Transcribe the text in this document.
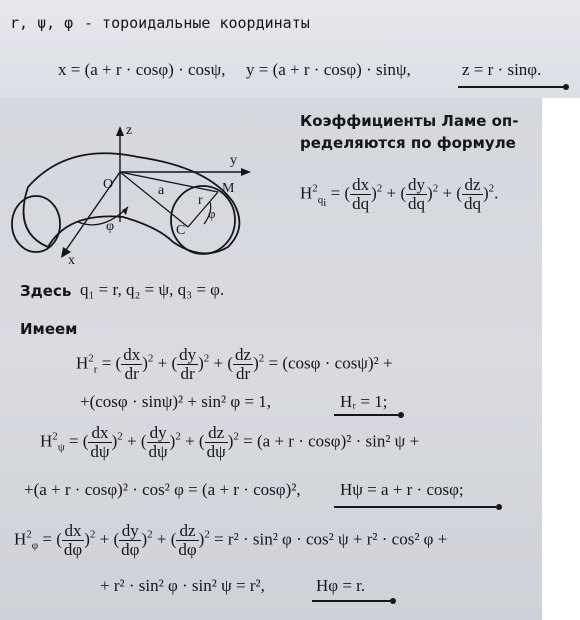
r, ψ, φ - тороидальные координаты
x = (a + r · cosφ) · cosψ, y = (a + r · cosφ) · sinψ,	z = r · sinφ.
z
y
O	a	M
r
φ
φ
C
x
Коэффициенты Ламе оп-
ределяются по формуле
$H^2_{q_i}$ = ( $\frac{dx}{dq} )^2$ + ( $\frac{dy}{dq} )^2$ + ( $\frac{dz}{dq} )^2$.
Здесь q₁ = r, q₂ = ψ, q₃ = φ.
Имеем
$H^2_r$ = ( $\frac{dx}{dr} )^2$ + ( $\frac{dy}{dr} )^2$ + ( $\frac{dz}{dr} )^2 = (\cos\varphi \cdot \cos\psi)^2$ +
+(cosφ · sinψ)² + sin² φ = 1,	Hᵣ = 1;
$H^2_\psi$ = ( $\frac{dx}{d\psi} )^2$ + ( $\frac{dy}{d\psi} )^2$ + ( $\frac{dz}{d\psi} )^2 = (a + r \cdot \cos\varphi)^2 \cdot \sin^2$ ψ +
+(a + r · cosφ)² · cos² φ = (a + r · cosφ)², Hψ = a + r · cosφ;
$H^2_\varphi$ = ( $\frac{dx}{d\varphi} )^2$ + ( $\frac{dy}{d\varphi} )^2$ + ( $\frac{dz}{d\varphi} )^2 = r^2 \cdot \sin^2$ φ · cos² ψ + r² · cos² φ +
+ r² · sin² φ · sin² ψ = r²,	Hφ = r.
